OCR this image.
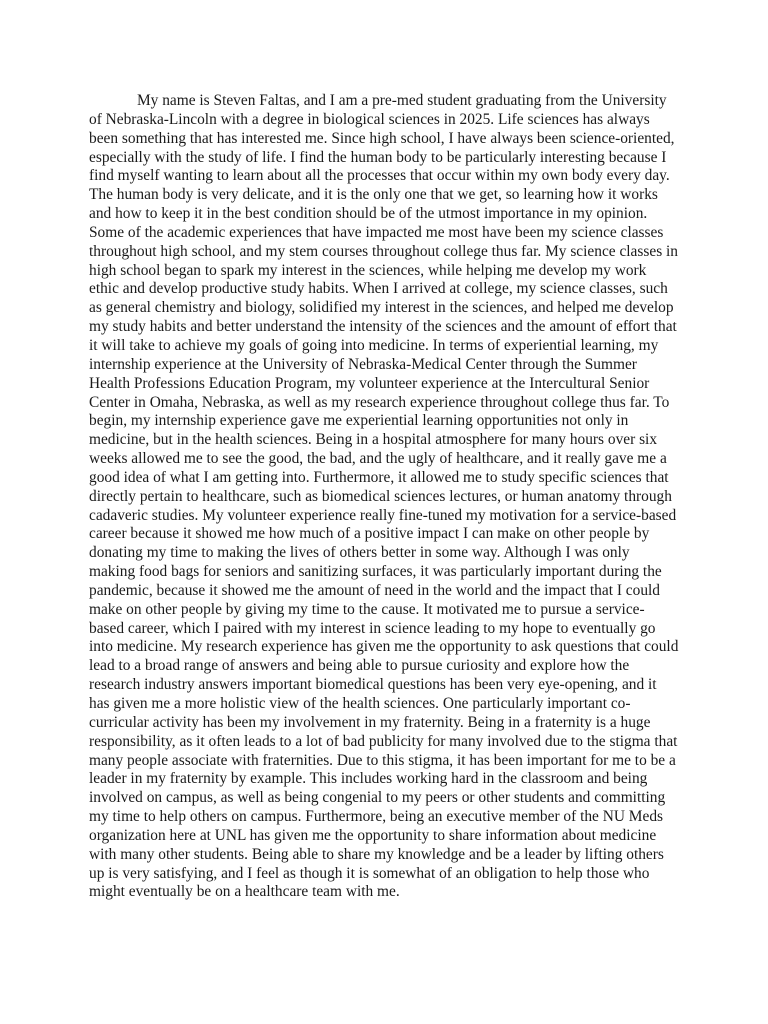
My name is Steven Faltas, and I am a pre-med student graduating from the University of Nebraska-Lincoln with a degree in biological sciences in 2025. Life sciences has always been something that has interested me. Since high school, I have always been science-oriented, especially with the study of life. I find the human body to be particularly interesting because I find myself wanting to learn about all the processes that occur within my own body every day. The human body is very delicate, and it is the only one that we get, so learning how it works and how to keep it in the best condition should be of the utmost importance in my opinion. Some of the academic experiences that have impacted me most have been my science classes throughout high school, and my stem courses throughout college thus far. My science classes in high school began to spark my interest in the sciences, while helping me develop my work ethic and develop productive study habits. When I arrived at college, my science classes, such as general chemistry and biology, solidified my interest in the sciences, and helped me develop my study habits and better understand the intensity of the sciences and the amount of effort that it will take to achieve my goals of going into medicine. In terms of experiential learning, my internship experience at the University of Nebraska-Medical Center through the Summer Health Professions Education Program, my volunteer experience at the Intercultural Senior Center in Omaha, Nebraska, as well as my research experience throughout college thus far. To begin, my internship experience gave me experiential learning opportunities not only in medicine, but in the health sciences. Being in a hospital atmosphere for many hours over six weeks allowed me to see the good, the bad, and the ugly of healthcare, and it really gave me a good idea of what I am getting into. Furthermore, it allowed me to study specific sciences that directly pertain to healthcare, such as biomedical sciences lectures, or human anatomy through cadaveric studies. My volunteer experience really fine-tuned my motivation for a service-based career because it showed me how much of a positive impact I can make on other people by donating my time to making the lives of others better in some way. Although I was only making food bags for seniors and sanitizing surfaces, it was particularly important during the pandemic, because it showed me the amount of need in the world and the impact that I could make on other people by giving my time to the cause. It motivated me to pursue a service-based career, which I paired with my interest in science leading to my hope to eventually go into medicine. My research experience has given me the opportunity to ask questions that could lead to a broad range of answers and being able to pursue curiosity and explore how the research industry answers important biomedical questions has been very eye-opening, and it has given me a more holistic view of the health sciences. One particularly important co-curricular activity has been my involvement in my fraternity. Being in a fraternity is a huge responsibility, as it often leads to a lot of bad publicity for many involved due to the stigma that many people associate with fraternities. Due to this stigma, it has been important for me to be a leader in my fraternity by example. This includes working hard in the classroom and being involved on campus, as well as being congenial to my peers or other students and committing my time to help others on campus. Furthermore, being an executive member of the NU Meds organization here at UNL has given me the opportunity to share information about medicine with many other students. Being able to share my knowledge and be a leader by lifting others up is very satisfying, and I feel as though it is somewhat of an obligation to help those who might eventually be on a healthcare team with me.
